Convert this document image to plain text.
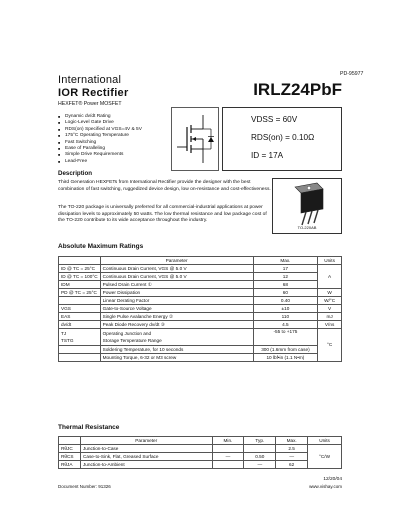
PD-95977
International
IOR Rectifier	IRLZ24PbF
HEXFET® Power MOSFET
■ Dynamic dv/dt Rating
■ Logic-Level Gate Drive
■ RDS(on) Specified at VGS=4V & 5V
■ 175°C Operating Temperature
■ Fast Switching
■ Ease of Paralleling
■ Simple Drive Requirements
■ Lead-Free
VDSS = 60V
RDS(on) = 0.10Ω
ID = 17A
Description
Third Generation HEXFETs from International Rectifier provide the designer with the best combination of fast switching, ruggedized device design, low on-resistance and cost-effectiveness.
The TO-220 package is universally preferred for all commercial-industrial applications at power dissipation levels to approximately 50 watts. The low thermal resistance and low package cost of the TO-220 contribute to its wide acceptance throughout the industry.
TO-220AB
Absolute Maximum Ratings
	Parameter	Max.	Units
ID @ TC = 25°C	Continuous Drain Current, VGS @ 5.0 V	17	A
ID @ TC = 100°C	Continuous Drain Current, VGS @ 5.0 V	12	
IDM	Pulsed Drain Current ①	68	
PD @ TC = 25°C	Power Dissipation	60	W
	Linear Derating Factor	0.40	W/°C
VGS	Gate-to-Source Voltage	±10	V
EAS	Single Pulse Avalanche Energy ②	110	mJ
dv/dt	Peak Diode Recovery dv/dt ③	4.5	V/ns
TJ
TSTG	Operating Junction and
Storage Temperature Range	-55 to +175	°C
	Soldering Temperature, for 10 seconds	300 (1.6mm from case)	
	Mounting Torque, 6-32 or M3 screw	10 lbf•in (1.1 N•m)	
Thermal Resistance
	Parameter	Min.	Typ.	Max.	Units
RθJC	Junction-to-Case			2.5	°C/W
RθCS	Case-to-Sink, Flat, Greased Surface	—	0.50	—	
RθJA	Junction-to-Ambient		—	62	
Document Number: 91326
12/20/04
www.vishay.com
